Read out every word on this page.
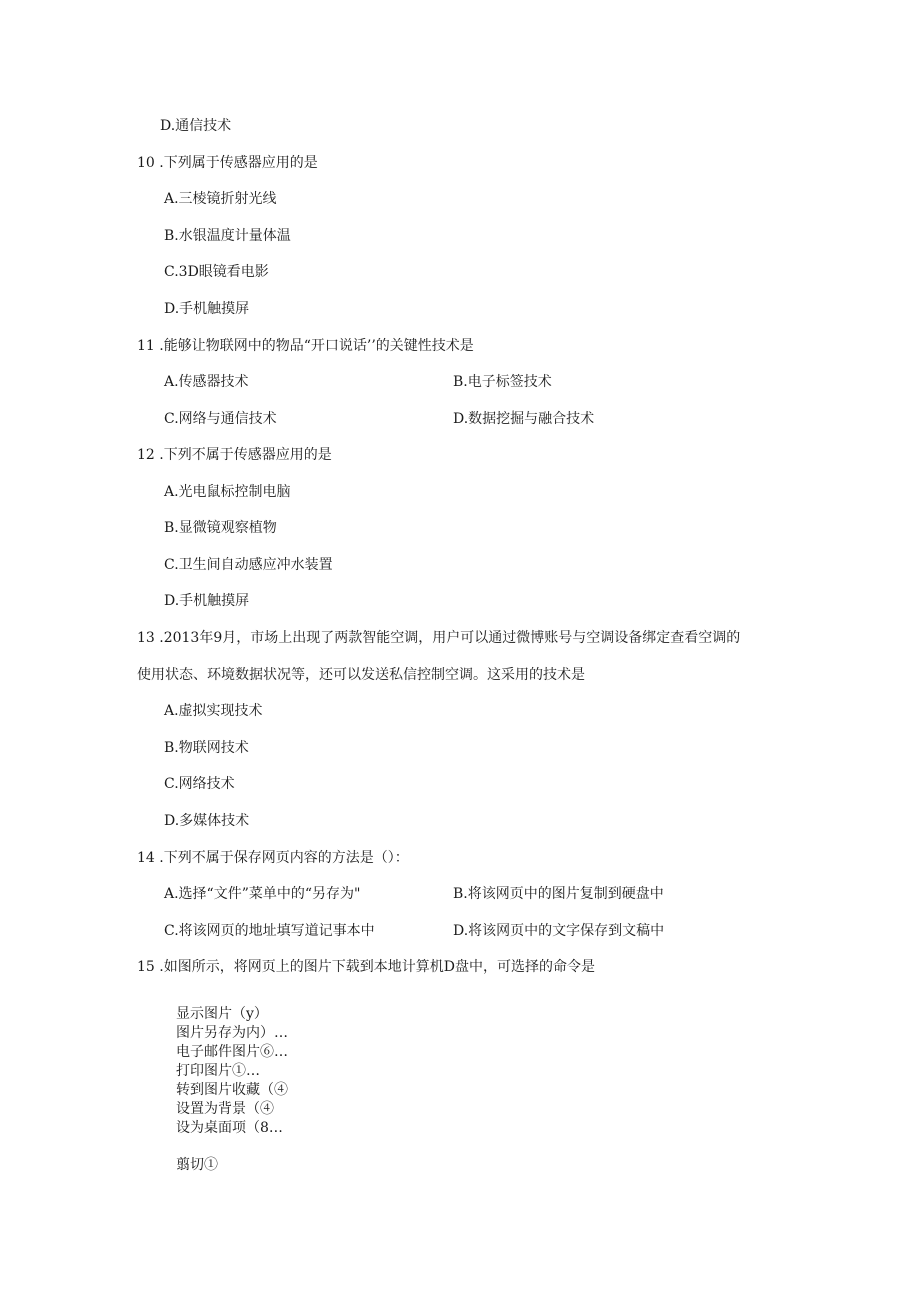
D.通信技术
10 .下列属于传感器应用的是
A.三棱镜折射光线
B.水银温度计量体温
C.3D眼镜看电影
D.手机触摸屏
11 .能够让物联网中的物品“开口说话’’的关键性技术是
A.传感器技术	B.电子标签技术
C.网络与通信技术	D.数据挖掘与融合技术
12 .下列不属于传感器应用的是
A.光电鼠标控制电脑
B.显微镜观察植物
C.卫生间自动感应冲水装置
D.手机触摸屏
13 .2013年9月，市场上出现了两款智能空调，用户可以通过微博账号与空调设备绑定查看空调的
使用状态、环境数据状况等，还可以发送私信控制空调。这采用的技术是
A.虚拟实现技术
B.物联网技术
C.网络技术
D.多媒体技术
14 .下列不属于保存网页内容的方法是（）：
A.选择“文件”菜单中的“另存为"	B.将该网页中的图片复制到硬盘中
C.将该网页的地址填写道记事本中	D.将该网页中的文字保存到文稿中
15 .如图所示，将网页上的图片下载到本地计算机D盘中，可选择的命令是
显示图片（y）
图片另存为内）…
电子邮件图片⑥…
打印图片①…
转到图片收藏（④
设置为背景（④
设为桌面项（8…
翦切①
